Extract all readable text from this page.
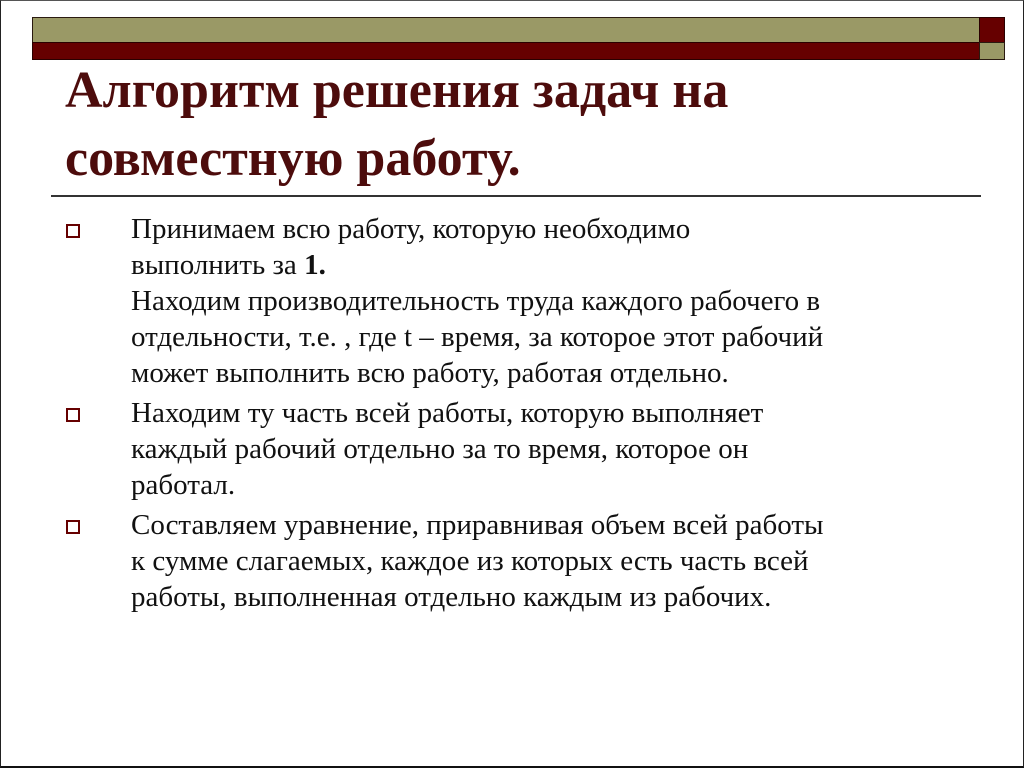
Алгоритм решения задач на
совместную работу.
Принимаем всю работу, которую необходимо
выполнить за 1.
Находим производительность труда каждого рабочего в
отдельности, т.е. , где t – время, за которое этот рабочий
может выполнить всю работу, работая отдельно.
Находим ту часть всей работы, которую выполняет
каждый рабочий отдельно за то время, которое он
работал.
Составляем уравнение, приравнивая объем всей работы
к сумме слагаемых, каждое из которых есть часть всей
работы, выполненная отдельно каждым из рабочих.
